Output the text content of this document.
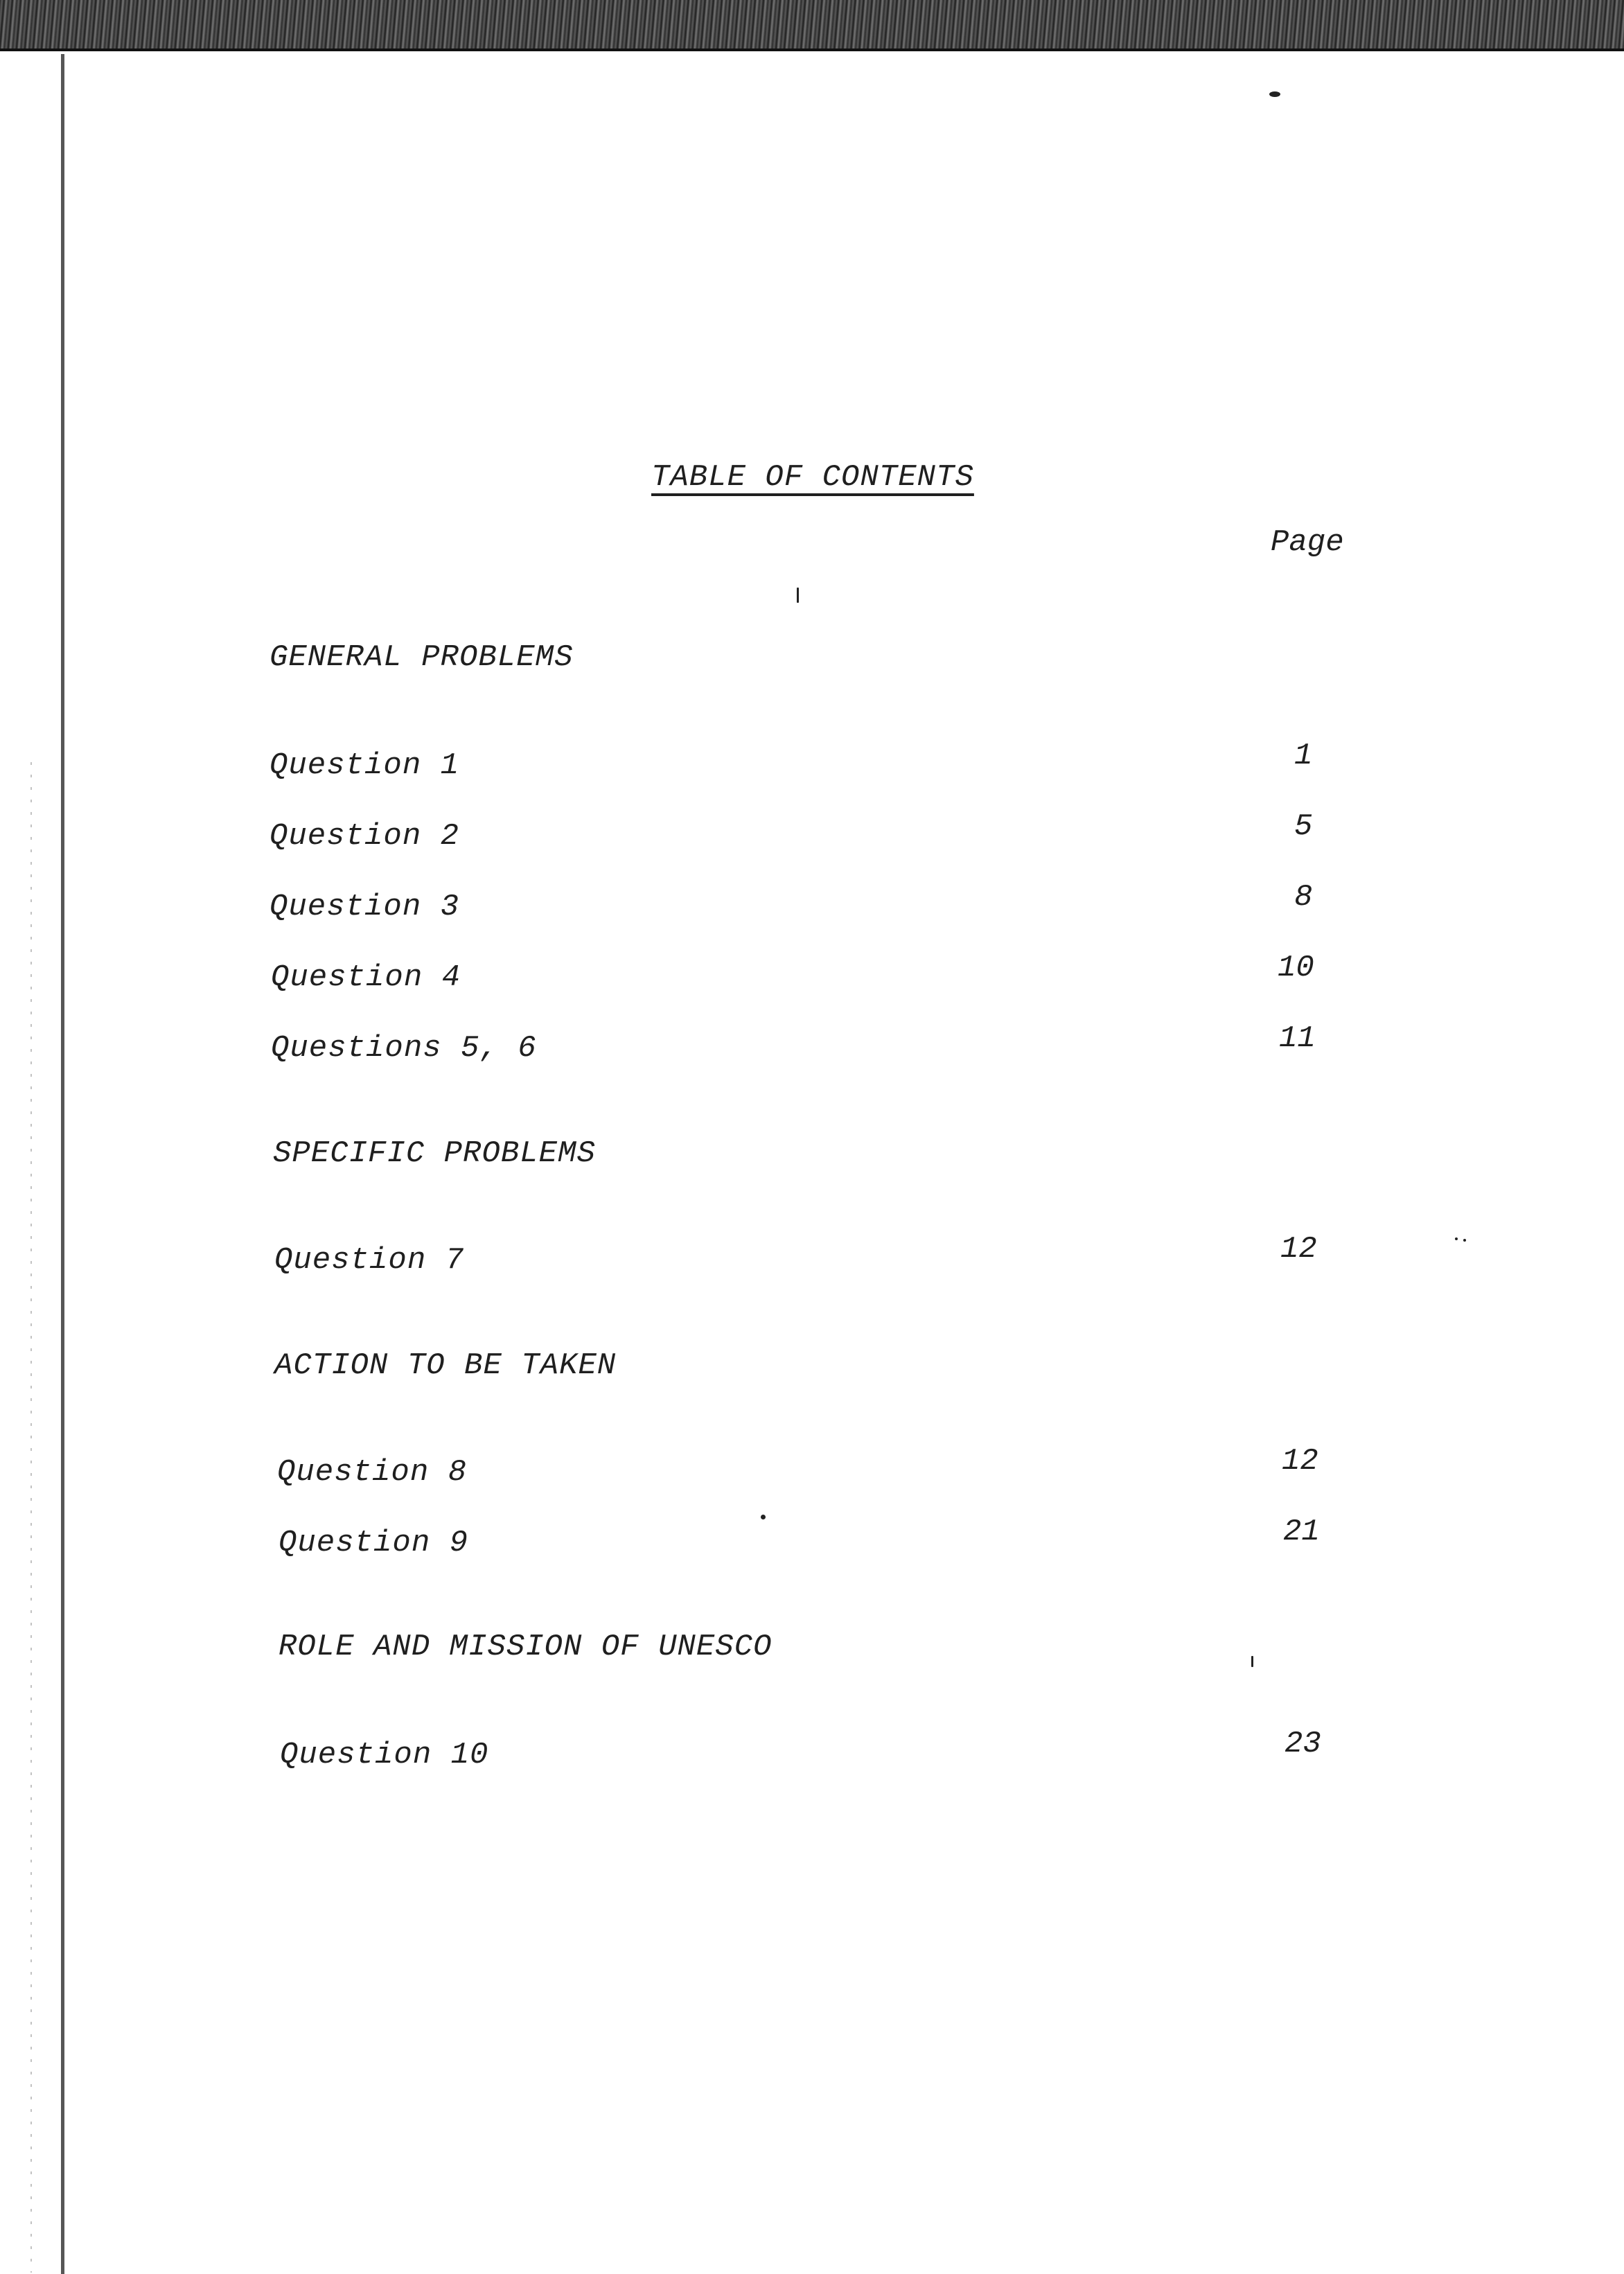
TABLE OF CONTENTS
Page
GENERAL PROBLEMS
Question 1	1
Question 2	5
Question 3	8
Question 4	10
Questions 5, 6	11
SPECIFIC PROBLEMS
Question 7	12
ACTION TO BE TAKEN
Question 8	12
Question 9	21
ROLE AND MISSION OF UNESCO
Question 10	23
